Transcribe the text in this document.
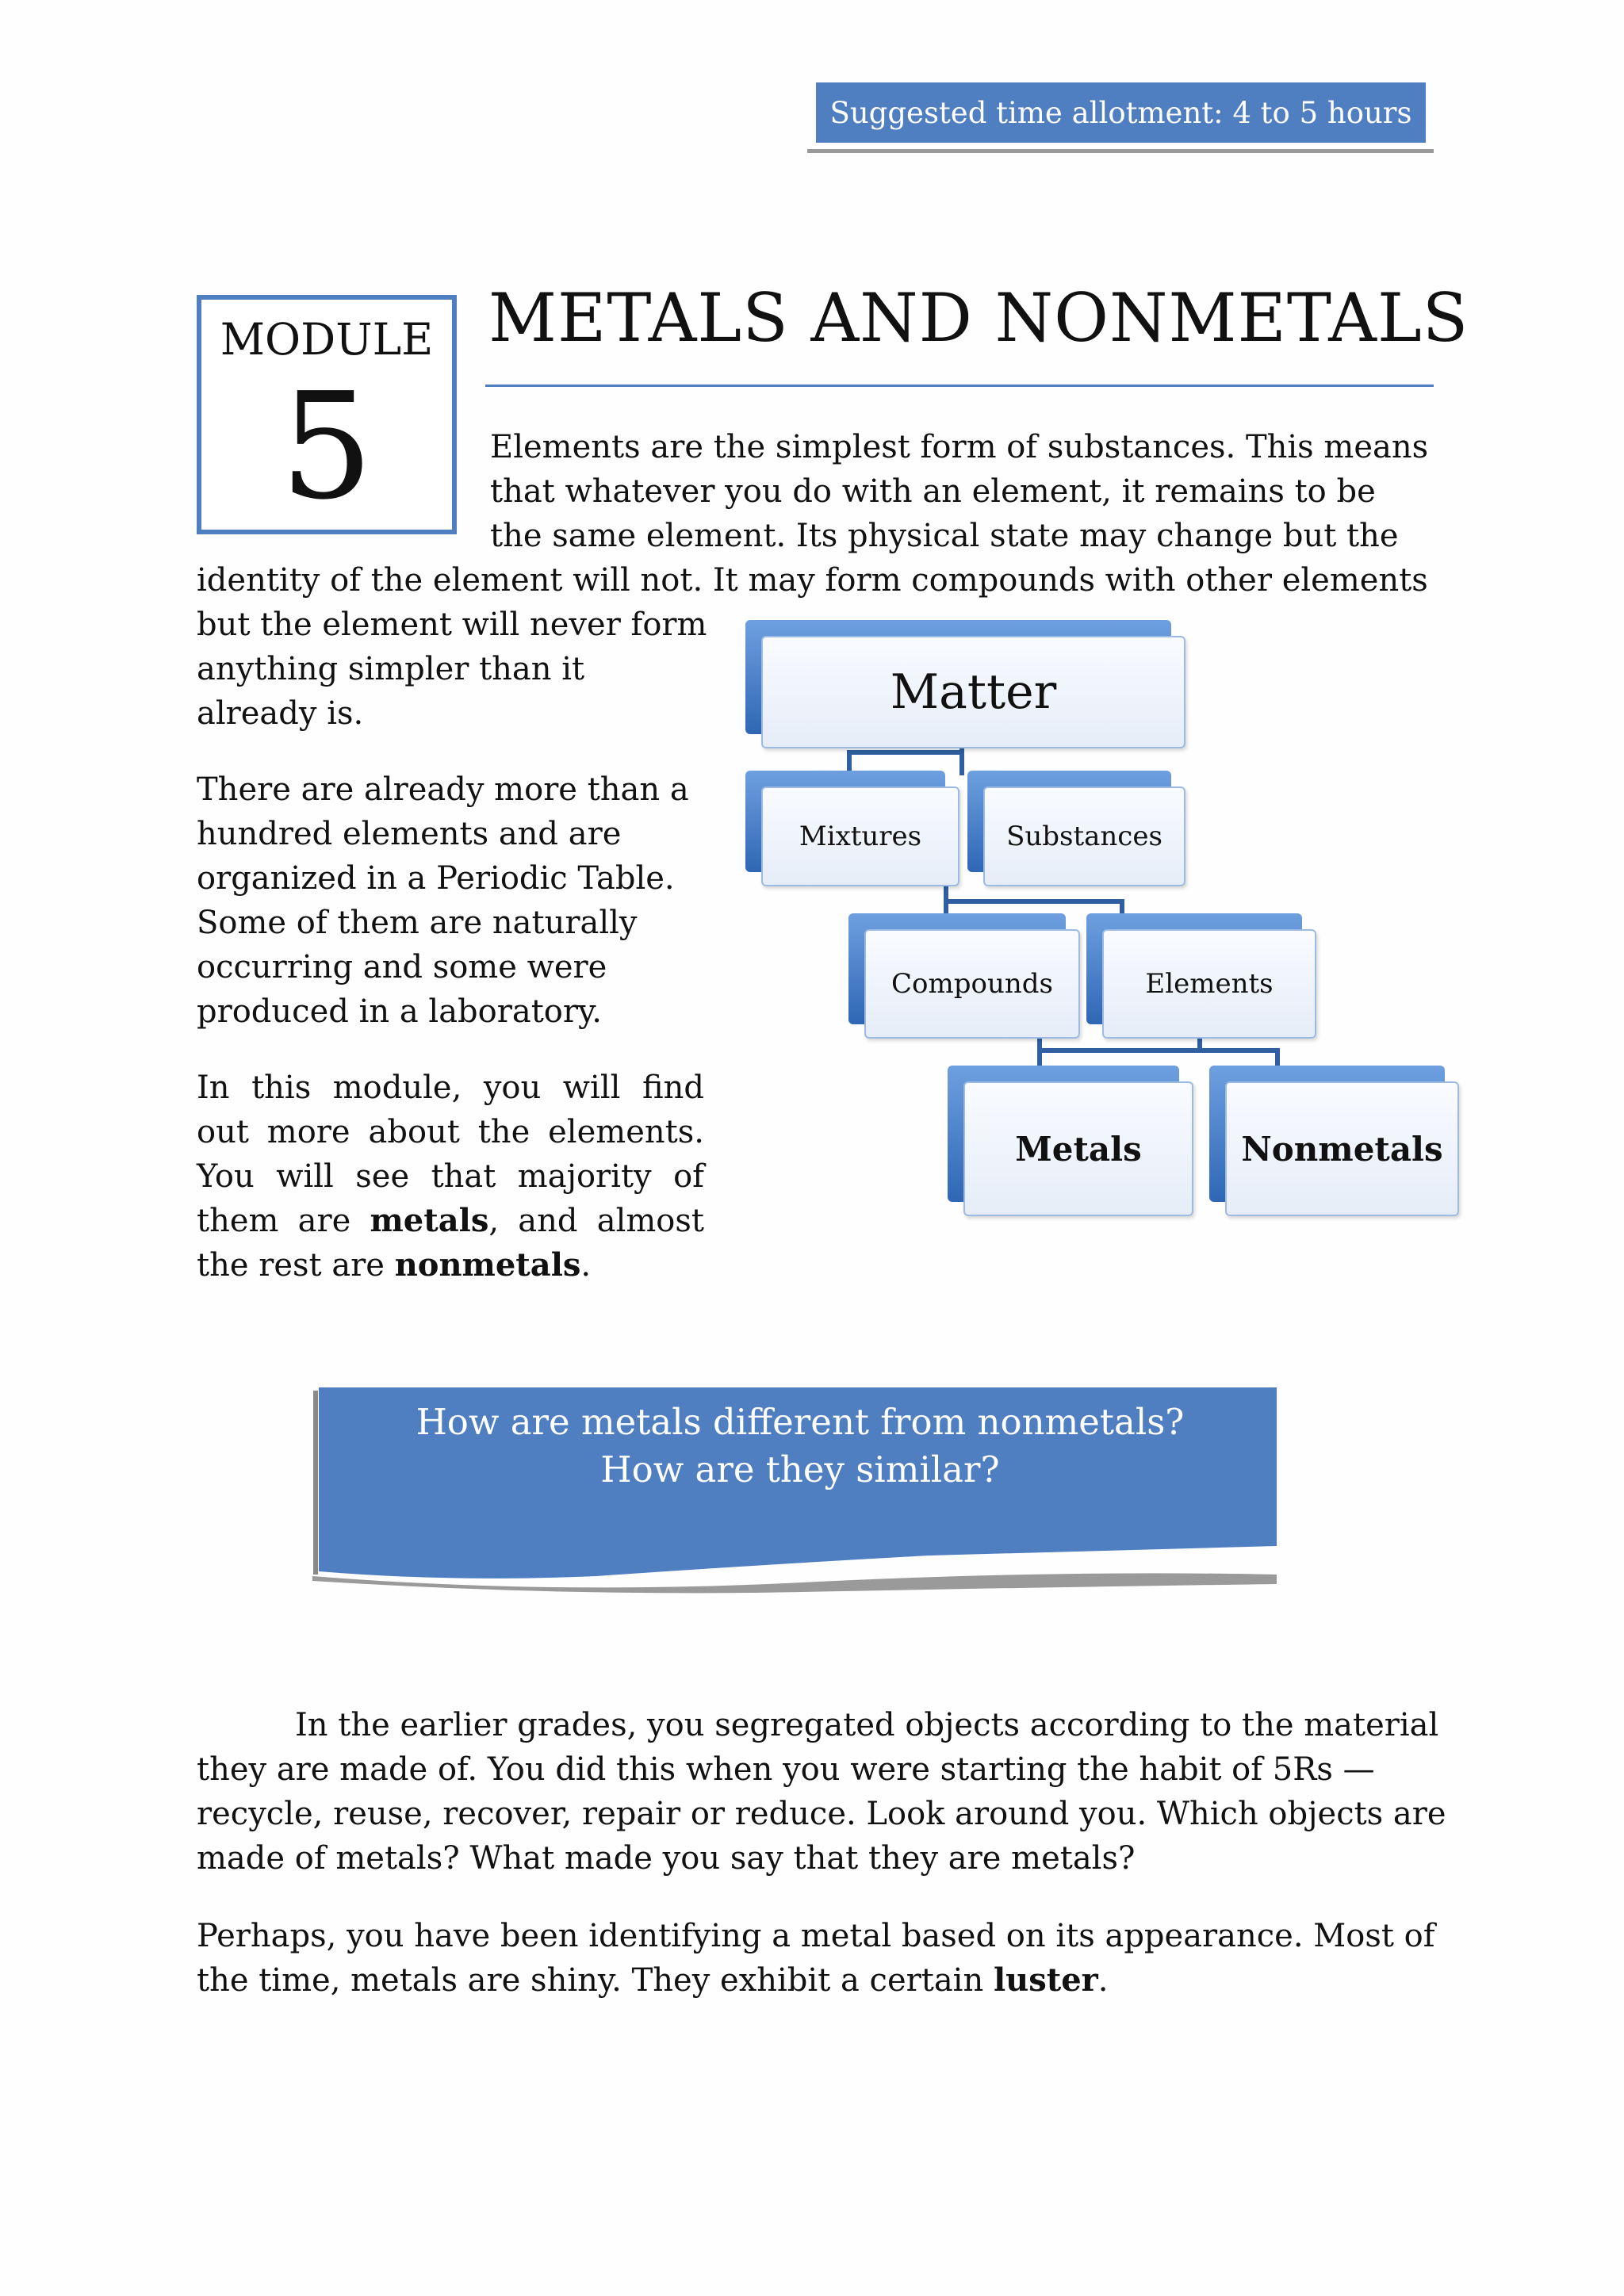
Suggested time allotment: 4 to 5 hours
MODULE
5
METALS AND NONMETALS
Elements are the simplest form of substances. This means
that whatever you do with an element, it remains to be
the same element. Its physical state may change but the
identity of the element will not. It may form compounds with other elements
but the element will never form
anything simpler than it
already is.
There are already more than a
hundred elements and are
organized in a Periodic Table.
Some of them are naturally
occurring and some were
produced in a laboratory.
In this module, you will find
out more about the elements.
You will see that majority of
them are metals, and almost
the rest are nonmetals.
Matter
Mixtures	Substances
Compounds	Elements
Metals	Nonmetals
How are metals different from nonmetals?
How are they similar?
In the earlier grades, you segregated objects according to the material
they are made of. You did this when you were starting the habit of 5Rs —
recycle, reuse, recover, repair or reduce. Look around you. Which objects are
made of metals? What made you say that they are metals?
Perhaps, you have been identifying a metal based on its appearance. Most of
the time, metals are shiny. They exhibit a certain luster.
